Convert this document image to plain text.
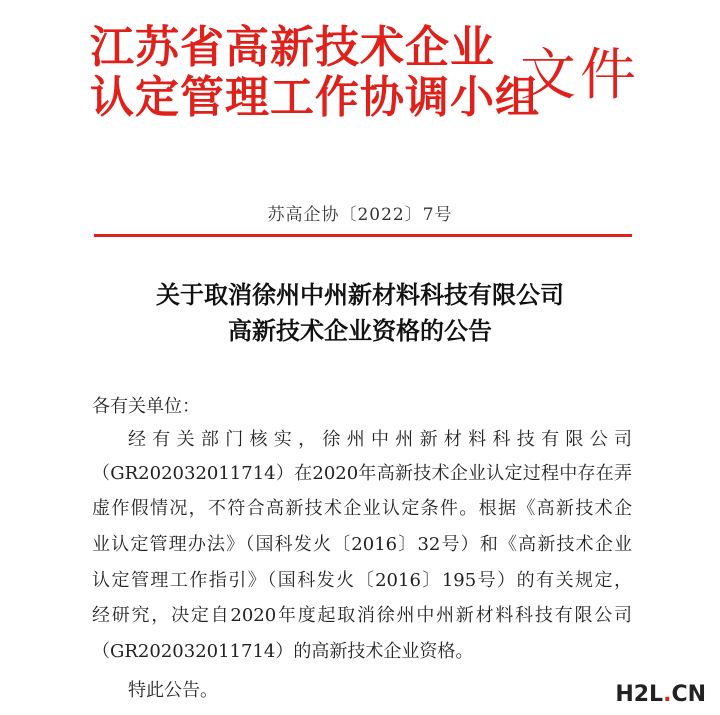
江苏省高新技术企业
认定管理工作协调小组
文件
苏高企协〔2022〕7号
关于取消徐州中州新材料科技有限公司
高新技术企业资格的公告
各有关单位：
经有关部门核实，徐州中州新材料科技有限公司
（GR202032011714）在2020年高新技术企业认定过程中存在弄
虚作假情况，不符合高新技术企业认定条件。根据《高新技术企
业认定管理办法》（国科发火〔2016〕32号）和《高新技术企业
认定管理工作指引》（国科发火〔2016〕195号）的有关规定，
经研究，决定自2020年度起取消徐州中州新材料科技有限公司
（GR202032011714）的高新技术企业资格。
特此公告。	H2L.CN
